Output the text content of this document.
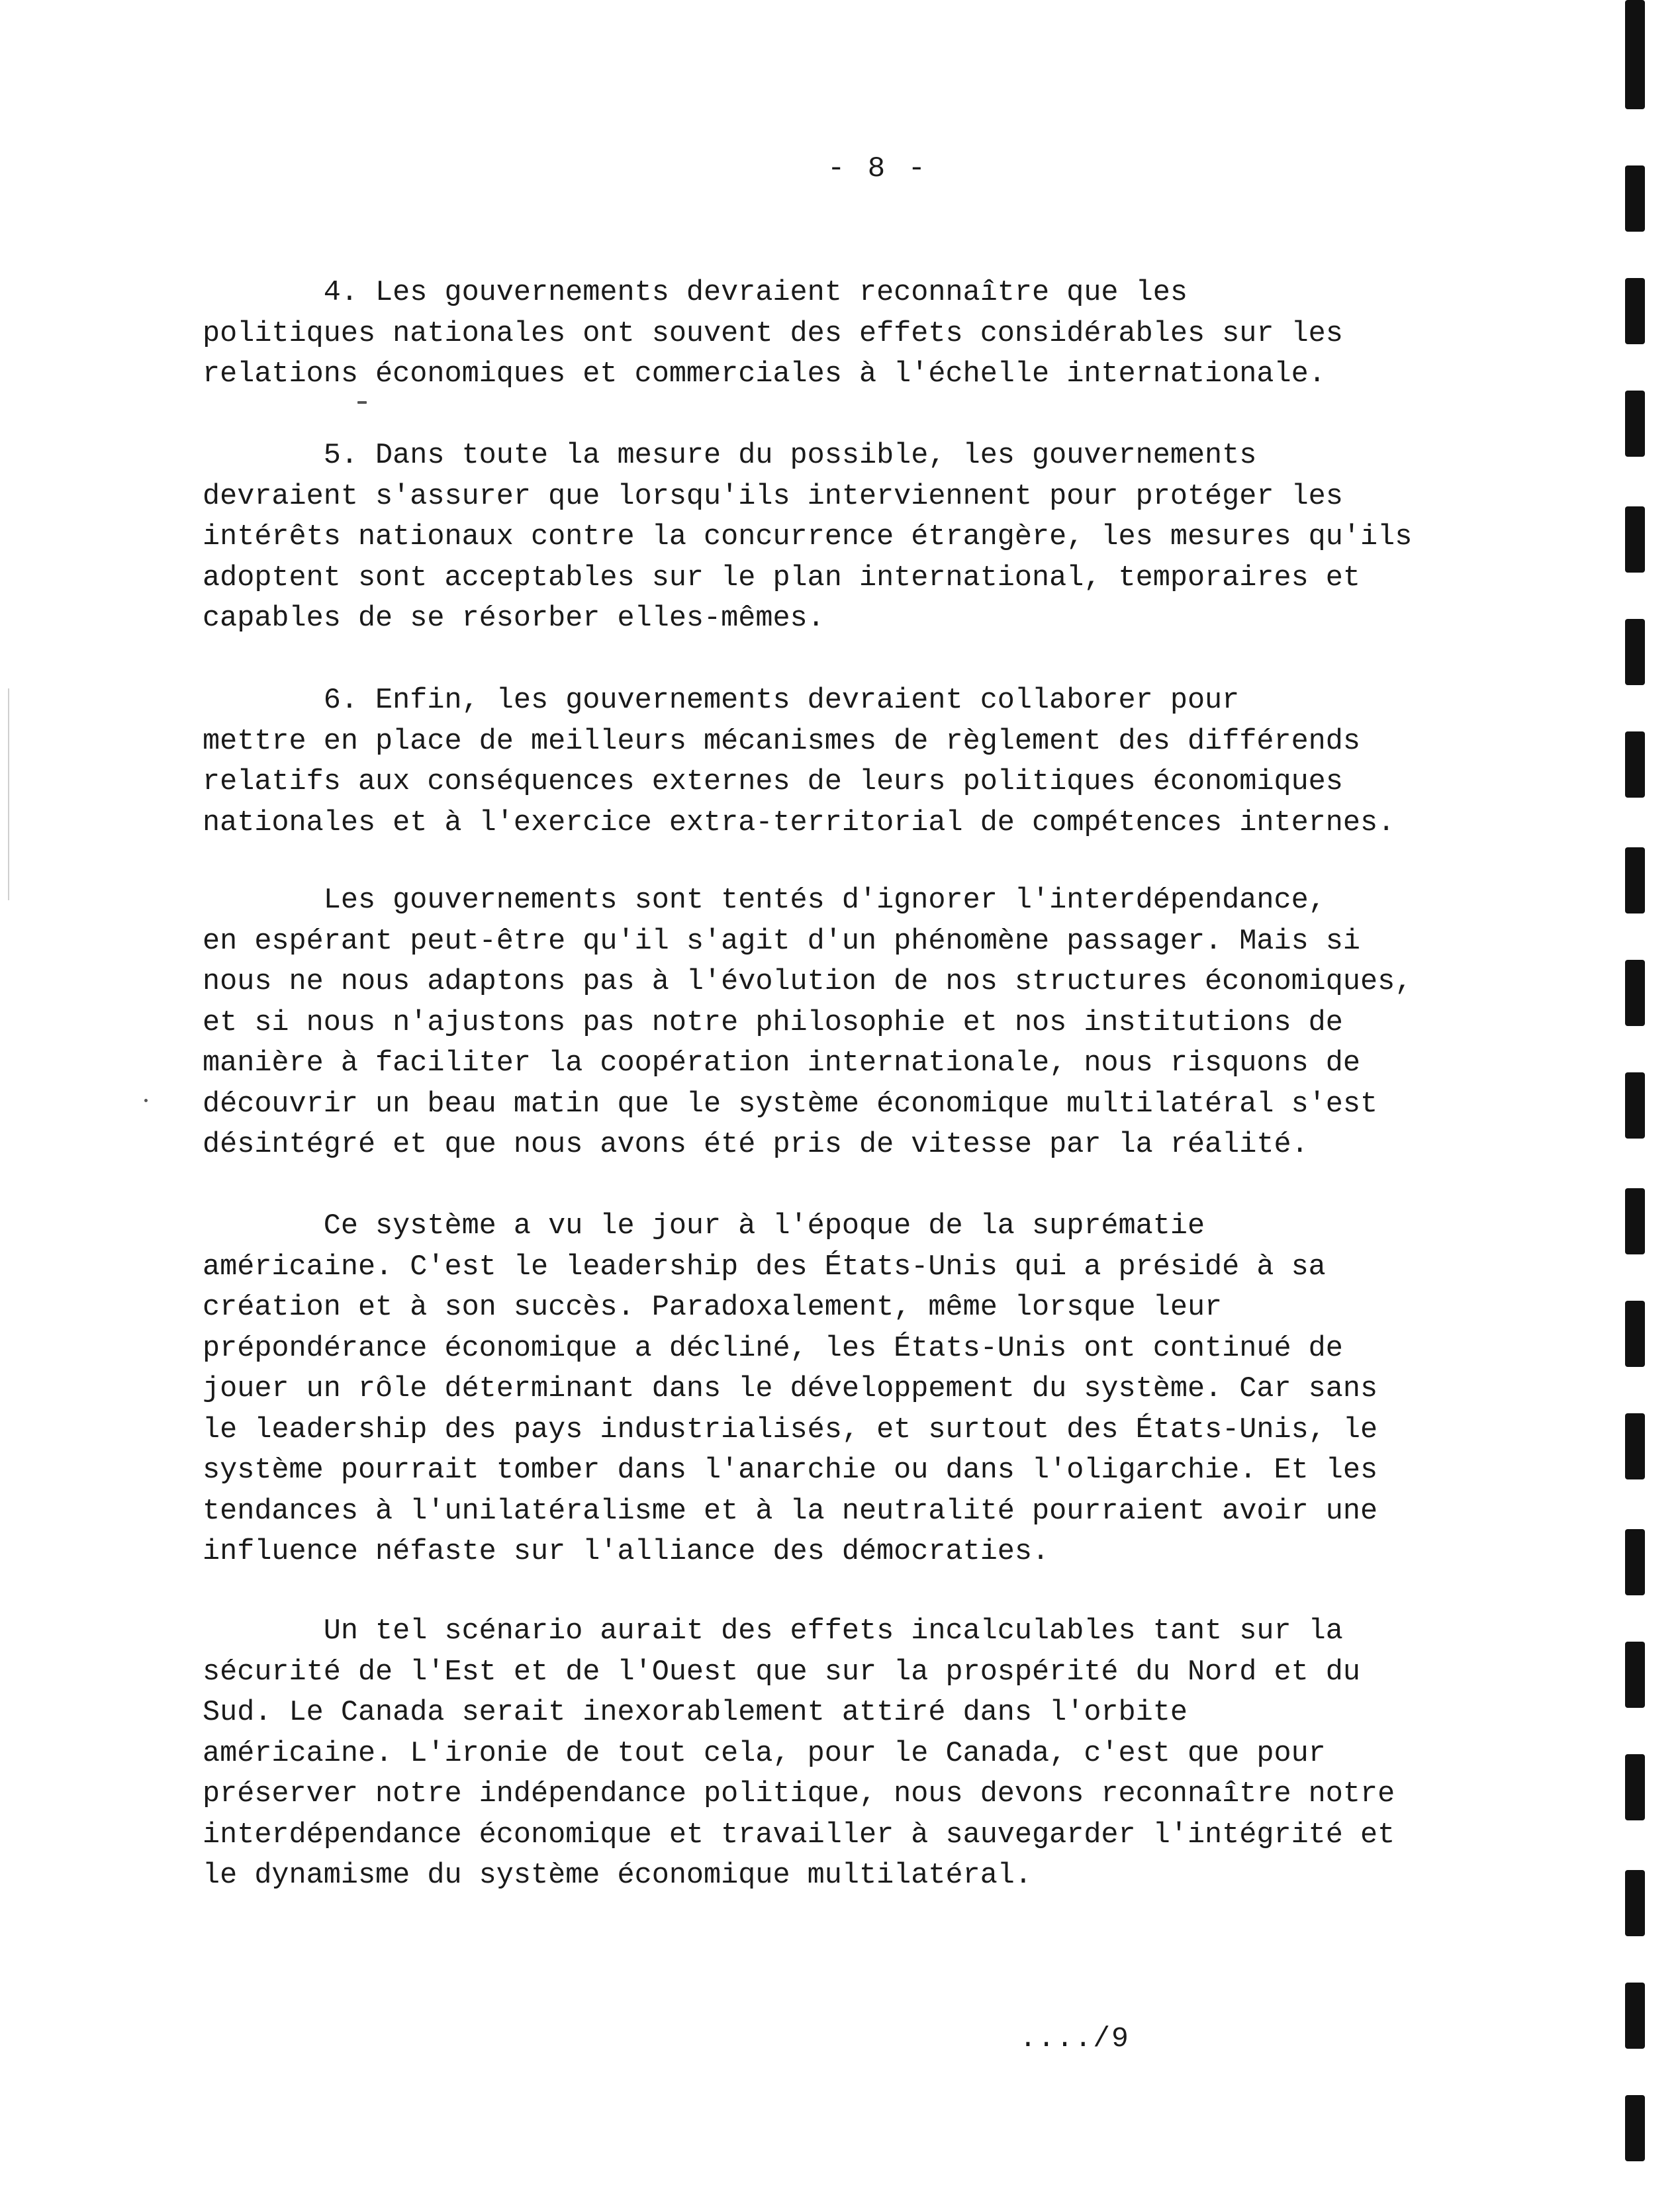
- 8 -

4. Les gouvernements devraient reconnaître que les
politiques nationales ont souvent des effets considérables sur les
relations économiques et commerciales à l'échelle internationale.

5. Dans toute la mesure du possible, les gouvernements
devraient s'assurer que lorsqu'ils interviennent pour protéger les
intérêts nationaux contre la concurrence étrangère, les mesures qu'ils
adoptent sont acceptables sur le plan international, temporaires et
capables de se résorber elles-mêmes.

6. Enfin, les gouvernements devraient collaborer pour
mettre en place de meilleurs mécanismes de règlement des différends
relatifs aux conséquences externes de leurs politiques économiques
nationales et à l'exercice extra-territorial de compétences internes.

Les gouvernements sont tentés d'ignorer l'interdépendance,
en espérant peut-être qu'il s'agit d'un phénomène passager. Mais si
nous ne nous adaptons pas à l'évolution de nos structures économiques,
et si nous n'ajustons pas notre philosophie et nos institutions de
manière à faciliter la coopération internationale, nous risquons de
découvrir un beau matin que le système économique multilatéral s'est
désintégré et que nous avons été pris de vitesse par la réalité.

Ce système a vu le jour à l'époque de la suprématie
américaine. C'est le leadership des États-Unis qui a présidé à sa
création et à son succès. Paradoxalement, même lorsque leur
prépondérance économique a décliné, les États-Unis ont continué de
jouer un rôle déterminant dans le développement du système. Car sans
le leadership des pays industrialisés, et surtout des États-Unis, le
système pourrait tomber dans l'anarchie ou dans l'oligarchie. Et les
tendances à l'unilatéralisme et à la neutralité pourraient avoir une
influence néfaste sur l'alliance des démocraties.

Un tel scénario aurait des effets incalculables tant sur la
sécurité de l'Est et de l'Ouest que sur la prospérité du Nord et du
Sud. Le Canada serait inexorablement attiré dans l'orbite
américaine. L'ironie de tout cela, pour le Canada, c'est que pour
préserver notre indépendance politique, nous devons reconnaître notre
interdépendance économique et travailler à sauvegarder l'intégrité et
le dynamisme du système économique multilatéral.

..../9
